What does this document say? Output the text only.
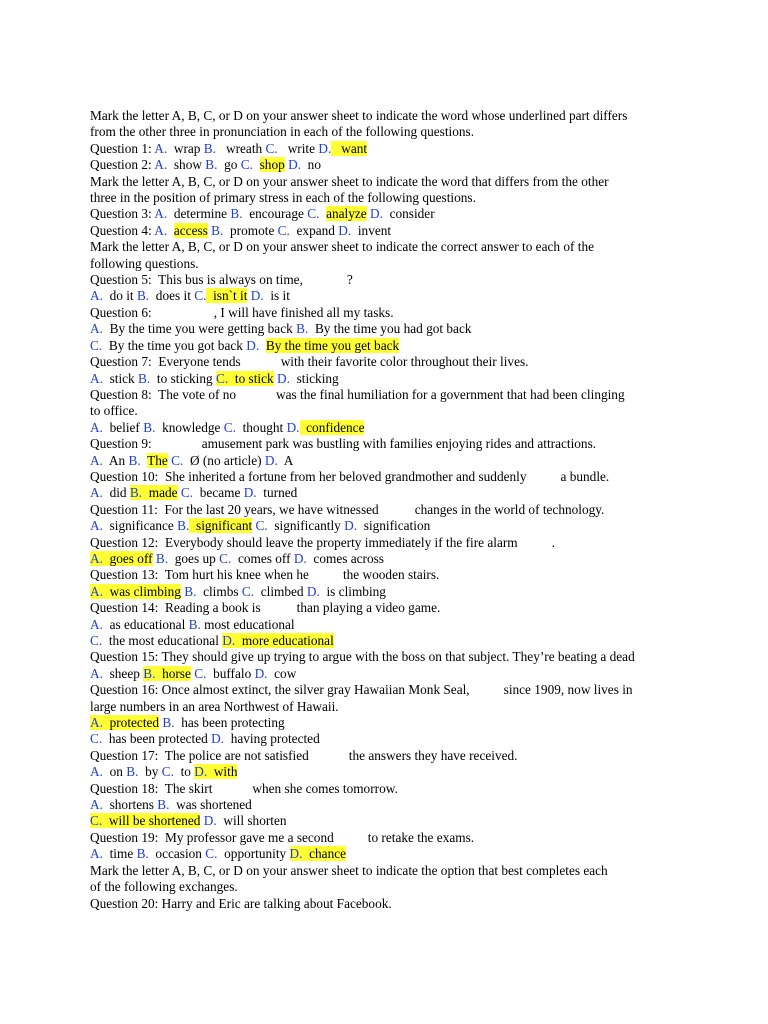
Mark the letter A, B, C, or D on your answer sheet to indicate the word whose underlined part differs

from the other three in pronunciation in each of the following questions.

Question 1: A. wrap B. wreath C. write D. want

Question 2: A. show B. go C. shop D. no

Mark the letter A, B, C, or D on your answer sheet to indicate the word that differs from the other

three in the position of primary stress in each of the following questions.

Question 3: A. determine B. encourage C. analyze D. consider

Question 4: A. access B. promote C. expand D. invent

Mark the letter A, B, C, or D on your answer sheet to indicate the correct answer to each of the

following questions.

Question 5: This bus is always on time,	?

A. do it B. does it C. isn`t it D. is it

Question 6:	, I will have finished all my tasks.

A. By the time you were getting back B. By the time you had got back

C. By the time you got back D. By the time you get back

Question 7: Everyone tends	with their favorite color throughout their lives.

A. stick B. to sticking C. to stick D. sticking

Question 8: The vote of no	was the final humiliation for a government that had been clinging

to office.

A. belief B. knowledge C. thought D. confidence

Question 9:	amusement park was bustling with families enjoying rides and attractions.

A. An B. The C. Ø (no article) D. A

Question 10: She inherited a fortune from her beloved grandmother and suddenly	a bundle.

A. did B. made C. became D. turned

Question 11: For the last 20 years, we have witnessed	changes in the world of technology.

A. significance B. significant C. significantly D. signification

Question 12: Everybody should leave the property immediately if the fire alarm	.

A. goes off B. goes up C. comes off D. comes across

Question 13: Tom hurt his knee when he	the wooden stairs.

A. was climbing B. climbs C. climbed D. is climbing

Question 14: Reading a book is	than playing a video game.

A. as educational B. most educational

C. the most educational D. more educational

Question 15: They should give up trying to argue with the boss on that subject. They’re beating a dead

A. sheep B. horse C. buffalo D. cow

Question 16: Once almost extinct, the silver gray Hawaiian Monk Seal,	since 1909, now lives in

large numbers in an area Northwest of Hawaii.

A. protected B. has been protecting

C. has been protected D. having protected

Question 17: The police are not satisfied	the answers they have received.

A. on B. by C. to D. with

Question 18: The skirt	when she comes tomorrow.

A. shortens B. was shortened

C. will be shortened D. will shorten

Question 19: My professor gave me a second	to retake the exams.

A. time B. occasion C. opportunity D. chance

Mark the letter A, B, C, or D on your answer sheet to indicate the option that best completes each

of the following exchanges.

Question 20: Harry and Eric are talking about Facebook.
